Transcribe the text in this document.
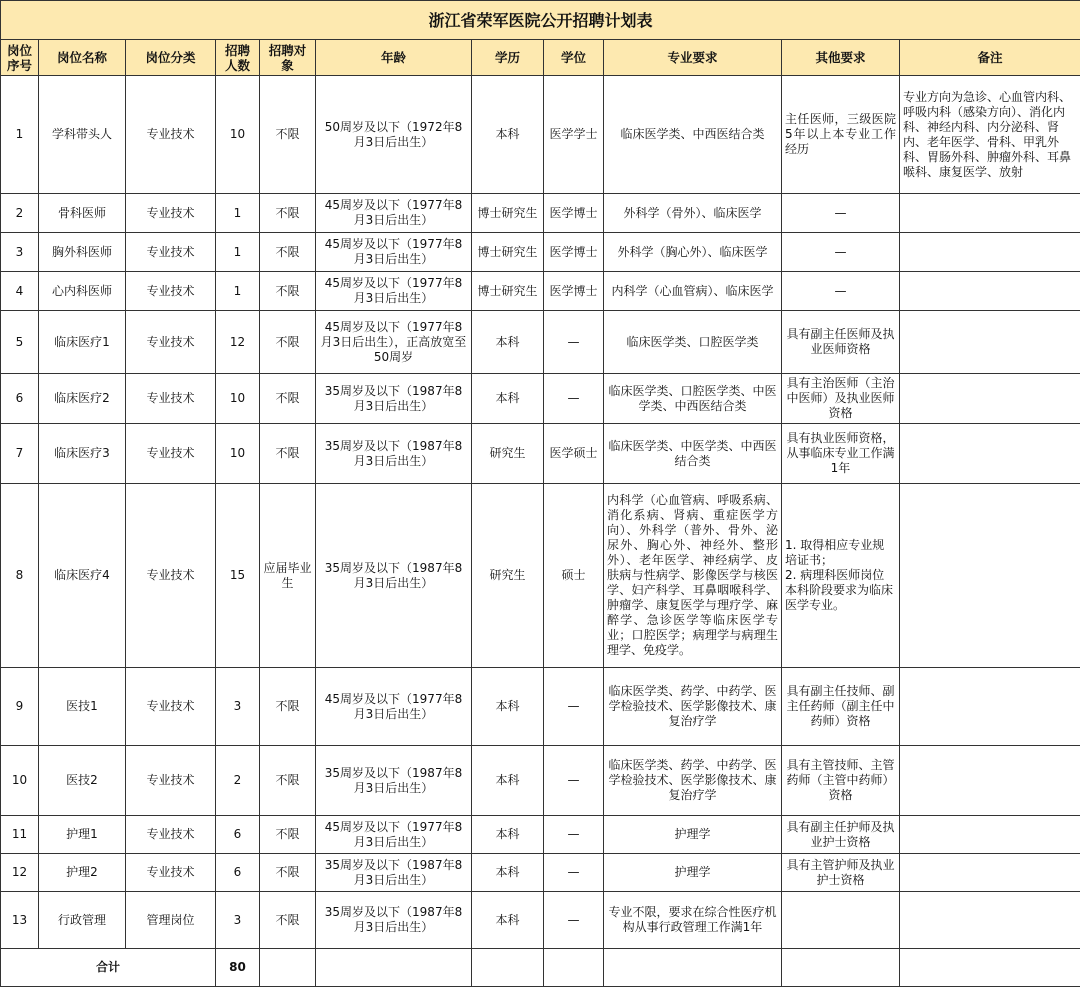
浙江省荣军医院公开招聘计划表										
岗位序号	岗位名称	岗位分类	招聘人数	招聘对象	年龄	学历	学位	专业要求	其他要求	备注
1	学科带头人	专业技术	10	不限	50周岁及以下（1972年8月3日后出生）	本科	医学学士	临床医学类、中西医结合类	主任医师，三级医院5年以上本专业工作经历	专业方向为急诊、心血管内科、呼吸内科（感染方向）、消化内科、神经内科、内分泌科、肾内、老年医学、骨科、甲乳外科、胃肠外科、肿瘤外科、耳鼻喉科、康复医学、放射
2	骨科医师	专业技术	1	不限	45周岁及以下（1977年8月3日后出生）	博士研究生	医学博士	外科学（骨外）、临床医学	—	
3	胸外科医师	专业技术	1	不限	45周岁及以下（1977年8月3日后出生）	博士研究生	医学博士	外科学（胸心外）、临床医学	—	
4	心内科医师	专业技术	1	不限	45周岁及以下（1977年8月3日后出生）	博士研究生	医学博士	内科学（心血管病）、临床医学	—	
5	临床医疗1	专业技术	12	不限	45周岁及以下（1977年8月3日后出生），正高放宽至50周岁	本科	—	临床医学类、口腔医学类	具有副主任医师及执业医师资格	
6	临床医疗2	专业技术	10	不限	35周岁及以下（1987年8月3日后出生）	本科	—	临床医学类、口腔医学类、中医学类、中西医结合类	具有主治医师（主治中医师）及执业医师资格	
7	临床医疗3	专业技术	10	不限	35周岁及以下（1987年8月3日后出生）	研究生	医学硕士	临床医学类、中医学类、中西医结合类	具有执业医师资格，从事临床专业工作满1年	
8	临床医疗4	专业技术	15	应届毕业生	35周岁及以下（1987年8月3日后出生）	研究生	硕士	内科学（心血管病、呼吸系病、消化系病、肾病、重症医学方向）、外科学（普外、骨外、泌尿外、胸心外、神经外、整形外）、老年医学、神经病学、皮肤病与性病学、影像医学与核医学、妇产科学、耳鼻咽喉科学、肿瘤学、康复医学与理疗学、麻醉学、急诊医学等临床医学专业；口腔医学；病理学与病理生理学、免疫学。	1. 取得相应专业规培证书；
2. 病理科医师岗位本科阶段要求为临床医学专业。	
9	医技1	专业技术	3	不限	45周岁及以下（1977年8月3日后出生）	本科	—	临床医学类、药学、中药学、医学检验技术、医学影像技术、康复治疗学	具有副主任技师、副主任药师（副主任中药师）资格	
10	医技2	专业技术	2	不限	35周岁及以下（1987年8月3日后出生）	本科	—	临床医学类、药学、中药学、医学检验技术、医学影像技术、康复治疗学	具有主管技师、主管药师（主管中药师）资格	
11	护理1	专业技术	6	不限	45周岁及以下（1977年8月3日后出生）	本科	—	护理学	具有副主任护师及执业护士资格	
12	护理2	专业技术	6	不限	35周岁及以下（1987年8月3日后出生）	本科	—	护理学	具有主管护师及执业护士资格	
13	行政管理	管理岗位	3	不限	35周岁及以下（1987年8月3日后出生）	本科	—	专业不限，要求在综合性医疗机构从事行政管理工作满1年		
合计			80							
